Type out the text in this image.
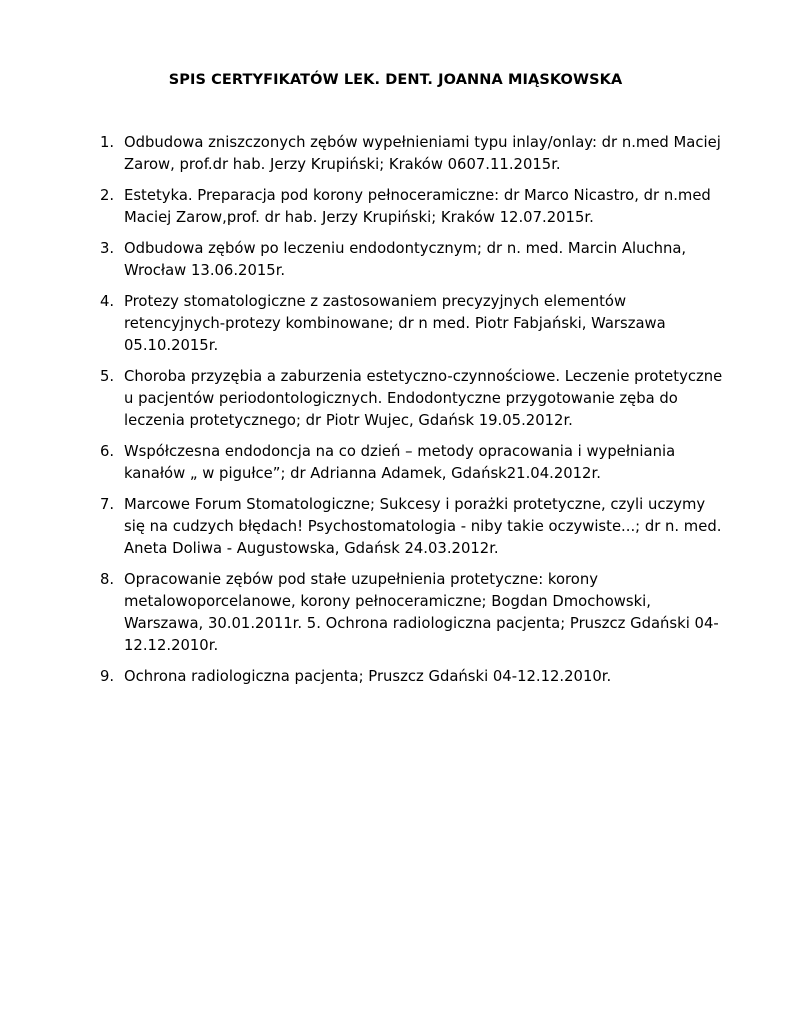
SPIS CERTYFIKATÓW LEK. DENT. JOANNA MIĄSKOWSKA
1. Odbudowa zniszczonych zębów wypełnieniami typu inlay/onlay: dr n.med Maciej Zarow, prof.dr hab. Jerzy Krupiński; Kraków 0607.11.2015r.
2. Estetyka. Preparacja pod korony pełnoceramiczne: dr Marco Nicastro, dr n.med Maciej Zarow,prof. dr hab. Jerzy Krupiński; Kraków 12.07.2015r.
3. Odbudowa zębów po leczeniu endodontycznym; dr n. med. Marcin Aluchna, Wrocław 13.06.2015r.
4. Protezy stomatologiczne z zastosowaniem precyzyjnych elementów retencyjnych-protezy kombinowane; dr n med. Piotr Fabjański, Warszawa 05.10.2015r.
5. Choroba przyzębia a zaburzenia estetyczno-czynnościowe. Leczenie protetyczne u pacjentów periodontologicznych. Endodontyczne przygotowanie zęba do leczenia protetycznego; dr Piotr Wujec, Gdańsk 19.05.2012r.
6. Współczesna endodoncja na co dzień – metody opracowania i wypełniania kanałów „ w pigułce”; dr Adrianna Adamek, Gdańsk21.04.2012r.
7. Marcowe Forum Stomatologiczne; Sukcesy i porażki protetyczne, czyli uczymy się na cudzych błędach! Psychostomatologia - niby takie oczywiste...; dr n. med. Aneta Doliwa - Augustowska, Gdańsk 24.03.2012r.
8. Opracowanie zębów pod stałe uzupełnienia protetyczne: korony metalowoporcelanowe, korony pełnoceramiczne; Bogdan Dmochowski, Warszawa, 30.01.2011r. 5. Ochrona radiologiczna pacjenta; Pruszcz Gdański 04-12.12.2010r.
9. Ochrona radiologiczna pacjenta; Pruszcz Gdański 04-12.12.2010r.
